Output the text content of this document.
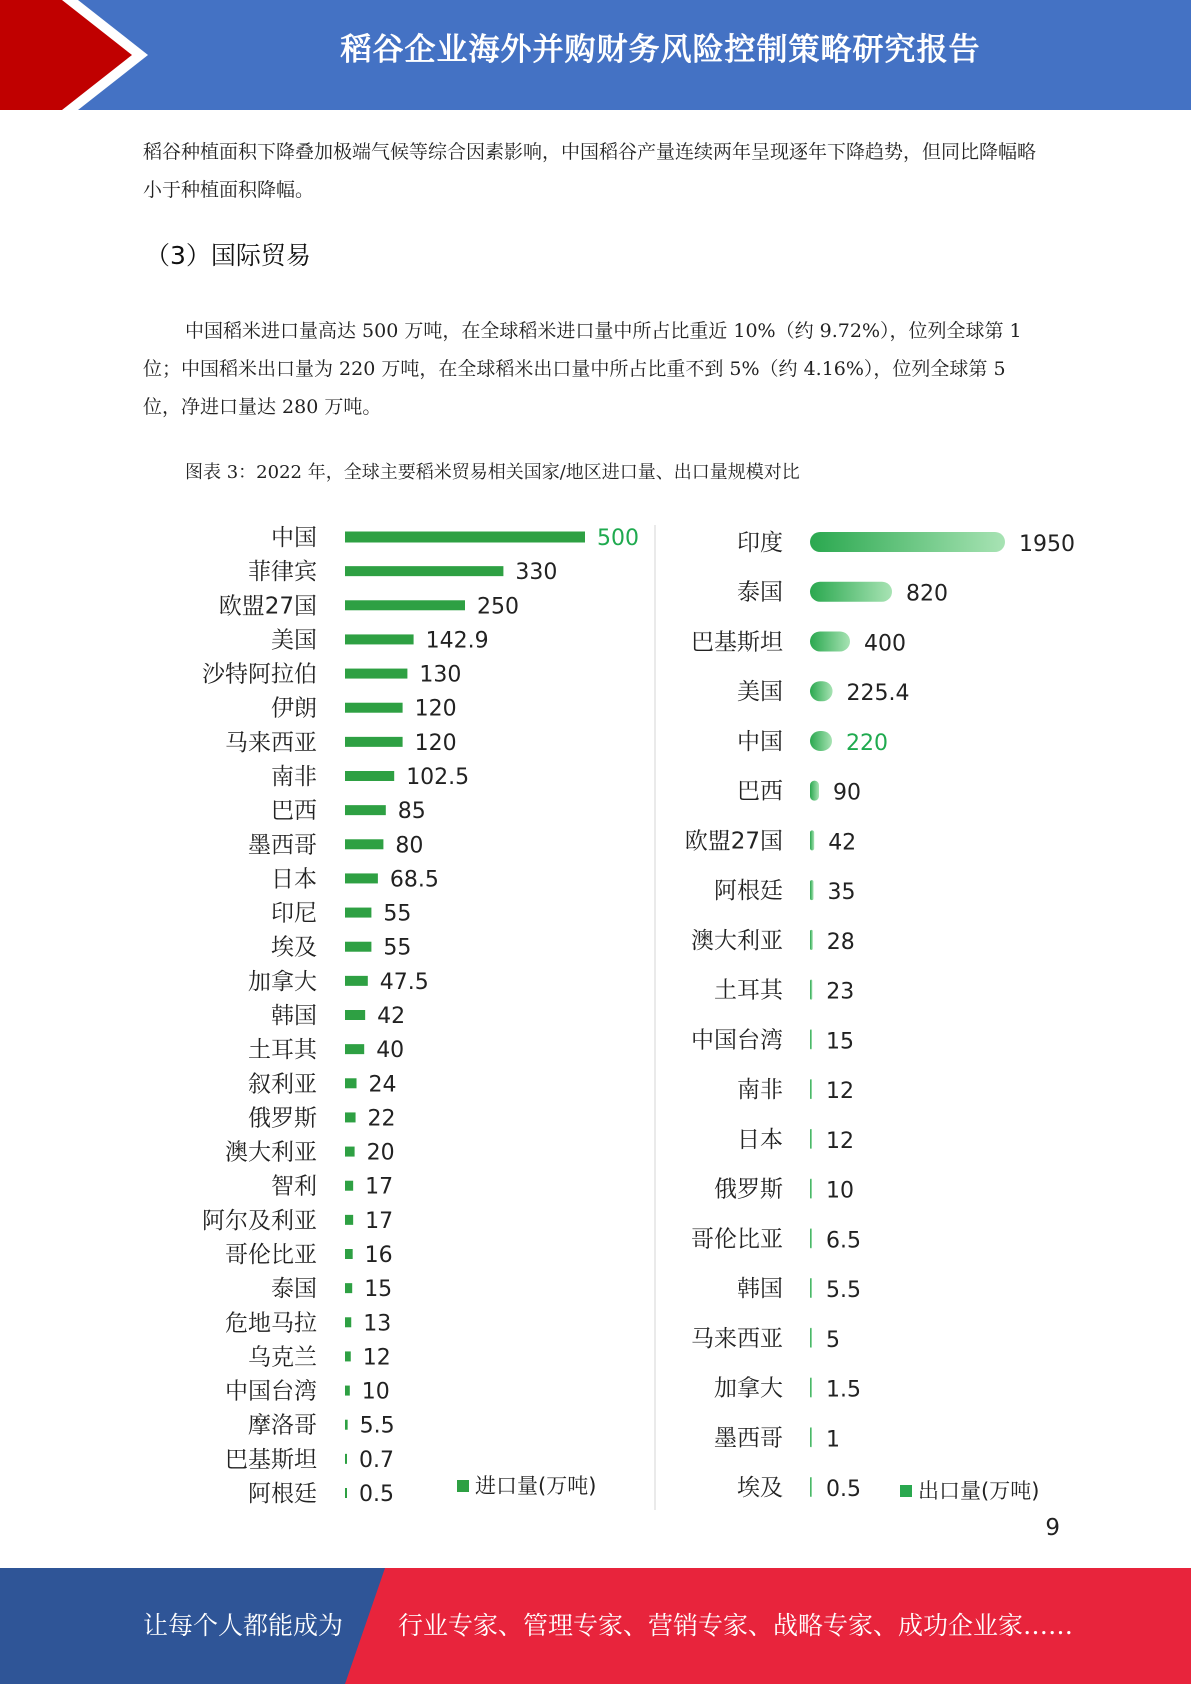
稻谷企业海外并购财务风险控制策略研究报告
稻谷种植面积下降叠加极端气候等综合因素影响，中国稻谷产量连续两年呈现逐年下降趋势，但同比降幅略小于种植面积降幅。
（3）国际贸易
中国稻米进口量高达 500 万吨，在全球稻米进口量中所占比重近 10%（约 9.72%），位列全球第 1 位；中国稻米出口量为 220 万吨，在全球稻米出口量中所占比重不到 5%（约 4.16%），位列全球第 5 位，净进口量达 280 万吨。
图表 3：2022 年，全球主要稻米贸易相关国家/地区进口量、出口量规模对比
中国	500
菲律宾	330
欧盟27国	250
美国	142.9
沙特阿拉伯	130
伊朗	120
马来西亚	120
南非	102.5
巴西	85
墨西哥	80
日本	68.5
印尼	55
埃及	55
加拿大	47.5
韩国	42
土耳其	40
叙利亚 24
俄罗斯 22
澳大利亚 20
智利 17
阿尔及利亚 17
哥伦比亚 16
泰国 15
危地马拉 13
乌克兰 12
中国台湾 10
摩洛哥 5.5
巴基斯坦 0.7
阿根廷 0.5	进口量(万吨)
印度	1950
泰国	820
巴基斯坦	400
美国	225.4
中国	220
巴西 90
欧盟27国 42
阿根廷 35
澳大利亚 28
土耳其 23
中国台湾 15
南非 12
日本 12
俄罗斯 10
哥伦比亚 6.5
韩国 5.5
马来西亚 5
加拿大 1.5
墨西哥 1
埃及 0.5	出口量(万吨)
9
让每个人都能成为 行业专家、管理专家、营销专家、战略专家、成功企业家……
